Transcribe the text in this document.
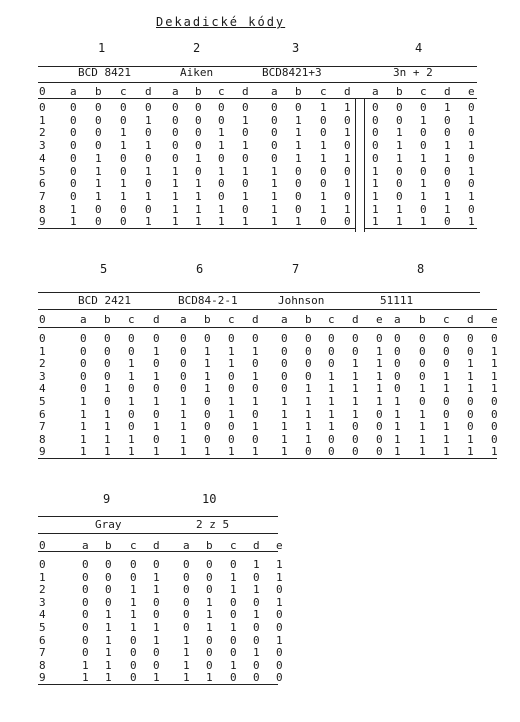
Dekadické kódy
0
0
1
2
3
4
5
6
7
8
9
1
BCD 8421
a b c d
0 0 0 0
0 0 0 1
0 0 1 0
0 0 1 1
0 1 0 0
0 1 0 1
0 1 1 0
0 1 1 1
1 0 0 0
1 0 0 1
2
Aiken
a b c d
0 0 0 0
0 0 0 1
0 0 1 0
0 0 1 1
0 1 0 0
1 0 1 1
1 1 0 0
1 1 0 1
1 1 1 0
1 1 1 1
3
BCD8421+3
a b c d
0 0 1 1
0 1 0 0
0 1 0 1
0 1 1 0
0 1 1 1
1 0 0 0
1 0 0 1
1 0 1 0
1 0 1 1
1 1 0 0
4
3n + 2
a b c d e
0 0 0 1 0
0 0 1 0 1
0 1 0 0 0
0 1 0 1 1
0 1 1 1 0
1 0 0 0 1
1 0 1 0 0
1 0 1 1 1
1 1 0 1 0
1 1 1 0 1
0
0
1
2
3
4
5
6
7
8
9
5
BCD 2421
a b c d
0 0 0 0
0 0 0 1
0 0 1 0
0 0 1 1
0 1 0 0
1 0 1 1
1 1 0 0
1 1 0 1
1 1 1 0
1 1 1 1
6
BCD84-2-1
a b c d
0 0 0 0
0 1 1 1
0 1 1 0
0 1 0 1
0 1 0 0
1 0 1 1
1 0 1 0
1 0 0 1
1 0 0 0
1 1 1 1
7
Johnson
a b c d e
0 0 0 0 0
0 0 0 0 1
0 0 0 1 1
0 0 1 1 1
0 1 1 1 1
1 1 1 1 1
1 1 1 1 0
1 1 1 0 0
1 1 0 0 0
1 0 0 0 0
8
51111
a b c d e
0 0 0 0 0
0 0 0 0 1
0 0 0 1 1
0 0 1 1 1
0 1 1 1 1
1 0 0 0 0
1 1 0 0 0
1 1 1 0 0
1 1 1 1 0
1 1 1 1 1
0
0
1
2
3
4
5
6
7
8
9
9
Gray
a b c d
0 0 0 0
0 0 0 1
0 0 1 1
0 0 1 0
0 1 1 0
0 1 1 1
0 1 0 1
0 1 0 0
1 1 0 0
1 1 0 1
10
2 z 5
a b c d e
0 0 0 1 1
0 0 1 0 1
0 0 1 1 0
0 1 0 0 1
0 1 0 1 0
0 1 1 0 0
1 0 0 0 1
1 0 0 1 0
1 0 1 0 0
1 1 0 0 0
